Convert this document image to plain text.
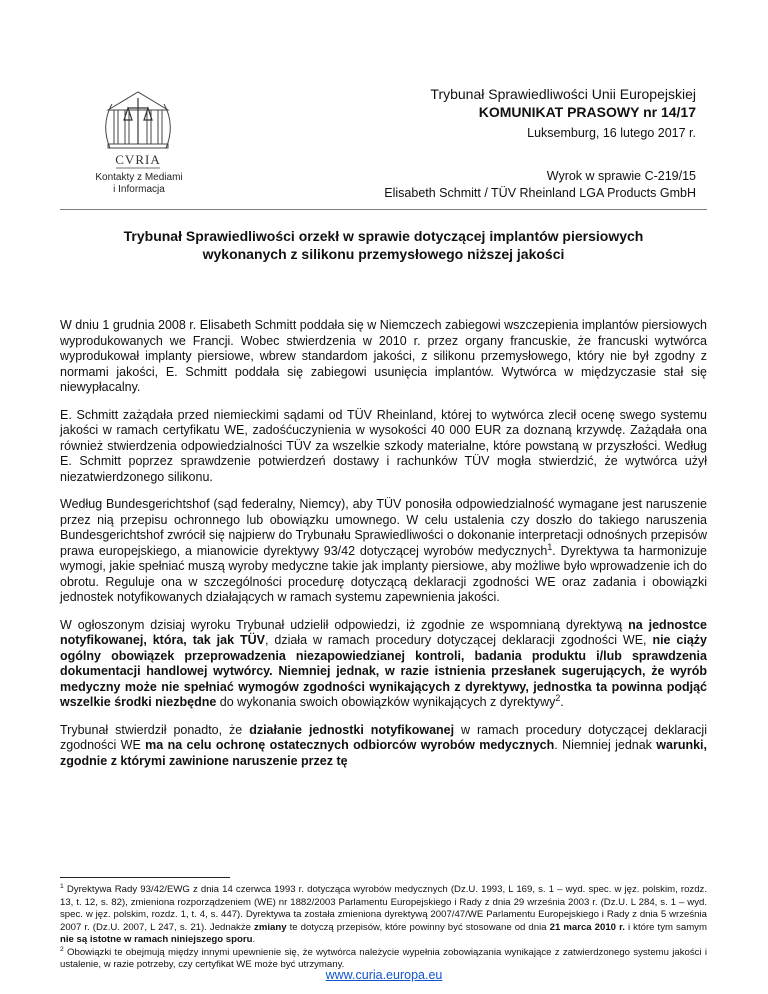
CVRIA
Kontakty z Mediami
i Informacja
Trybunał Sprawiedliwości Unii Europejskiej
KOMUNIKAT PRASOWY nr 14/17
Luksemburg, 16 lutego 2017 r.
Wyrok w sprawie C-219/15
Elisabeth Schmitt / TÜV Rheinland LGA Products GmbH
Trybunał Sprawiedliwości orzekł w sprawie dotyczącej implantów piersiowych
wykonanych z silikonu przemysłowego niższej jakości

W dniu 1 grudnia 2008 r. Elisabeth Schmitt poddała się w Niemczech zabiegowi wszczepienia implantów piersiowych wyprodukowanych we Francji. Wobec stwierdzenia w 2010 r. przez organy francuskie, że francuski wytwórca wyprodukował implanty piersiowe, wbrew standardom jakości, z silikonu przemysłowego, który nie był zgodny z normami jakości, E. Schmitt poddała się zabiegowi usunięcia implantów. Wytwórca w międzyczasie stał się niewypłacalny.

E. Schmitt zażądała przed niemieckimi sądami od TÜV Rheinland, której to wytwórca zlecił ocenę swego systemu jakości w ramach certyfikatu WE, zadośćuczynienia w wysokości 40 000 EUR za doznaną krzywdę. Zażądała ona również stwierdzenia odpowiedzialności TÜV za wszelkie szkody materialne, które powstaną w przyszłości. Według E. Schmitt poprzez sprawdzenie potwierdzeń dostawy i rachunków TÜV mogła stwierdzić, że wytwórca użył niezatwierdzonego silikonu.

Według Bundesgerichtshof (sąd federalny, Niemcy), aby TÜV ponosiła odpowiedzialność wymagane jest naruszenie przez nią przepisu ochronnego lub obowiązku umownego. W celu ustalenia czy doszło do takiego naruszenia Bundesgerichtshof zwrócił się najpierw do Trybunału Sprawiedliwości o dokonanie interpretacji odnośnych przepisów prawa europejskiego, a mianowicie dyrektywy 93/42 dotyczącej wyrobów medycznych$^1$. Dyrektywa ta harmonizuje wymogi, jakie spełniać muszą wyroby medyczne takie jak implanty piersiowe, aby możliwe było wprowadzenie ich do obrotu. Reguluje ona w szczególności procedurę dotyczącą deklaracji zgodności WE oraz zadania i obowiązki jednostek notyfikowanych działających w ramach systemu zapewnienia jakości.

W ogłoszonym dzisiaj wyroku Trybunał udzielił odpowiedzi, iż zgodnie ze wspomnianą dyrektywą na jednostce notyfikowanej, która, tak jak TÜV, działa w ramach procedury dotyczącej deklaracji zgodności WE, nie ciąży ogólny obowiązek przeprowadzenia niezapowiedzianej kontroli, badania produktu i/lub sprawdzenia dokumentacji handlowej wytwórcy. Niemniej jednak, w razie istnienia przesłanek sugerujących, że wyrób medyczny może nie spełniać wymogów zgodności wynikających z dyrektywy, jednostka ta powinna podjąć wszelkie środki niezbędne do wykonania swoich obowiązków wynikających z dyrektywy$^2$.

Trybunał stwierdził ponadto, że działanie jednostki notyfikowanej w ramach procedury dotyczącej deklaracji zgodności WE ma na celu ochronę ostatecznych odbiorców wyrobów medycznych. Niemniej jednak warunki, zgodnie z którymi zawinione naruszenie przez tę

$^1$ Dyrektywa Rady 93/42/EWG z dnia 14 czerwca 1993 r. dotycząca wyrobów medycznych (Dz.U. 1993, L 169, s. 1 – wyd. spec. w jęz. polskim, rozdz. 13, t. 12, s. 82), zmieniona rozporządzeniem (WE) nr 1882/2003 Parlamentu Europejskiego i Rady z dnia 29 września 2003 r. (Dz.U. L 284, s. 1 – wyd. spec. w jęz. polskim, rozdz. 1, t. 4, s. 447). Dyrektywa ta została zmieniona dyrektywą 2007/47/WE Parlamentu Europejskiego i Rady z dnia 5 września 2007 r. (Dz.U. 2007, L 247, s. 21). Jednakże zmiany te dotyczą przepisów, które powinny być stosowane od dnia 21 marca 2010 r. i które tym samym nie są istotne w ramach niniejszego sporu.

$^2$ Obowiązki te obejmują między innymi upewnienie się, że wytwórca należycie wypełnia zobowiązania wynikające z zatwierdzonego systemu jakości i ustalenie, w razie potrzeby, czy certyfikat WE może być utrzymany.

www.curia.europa.eu
